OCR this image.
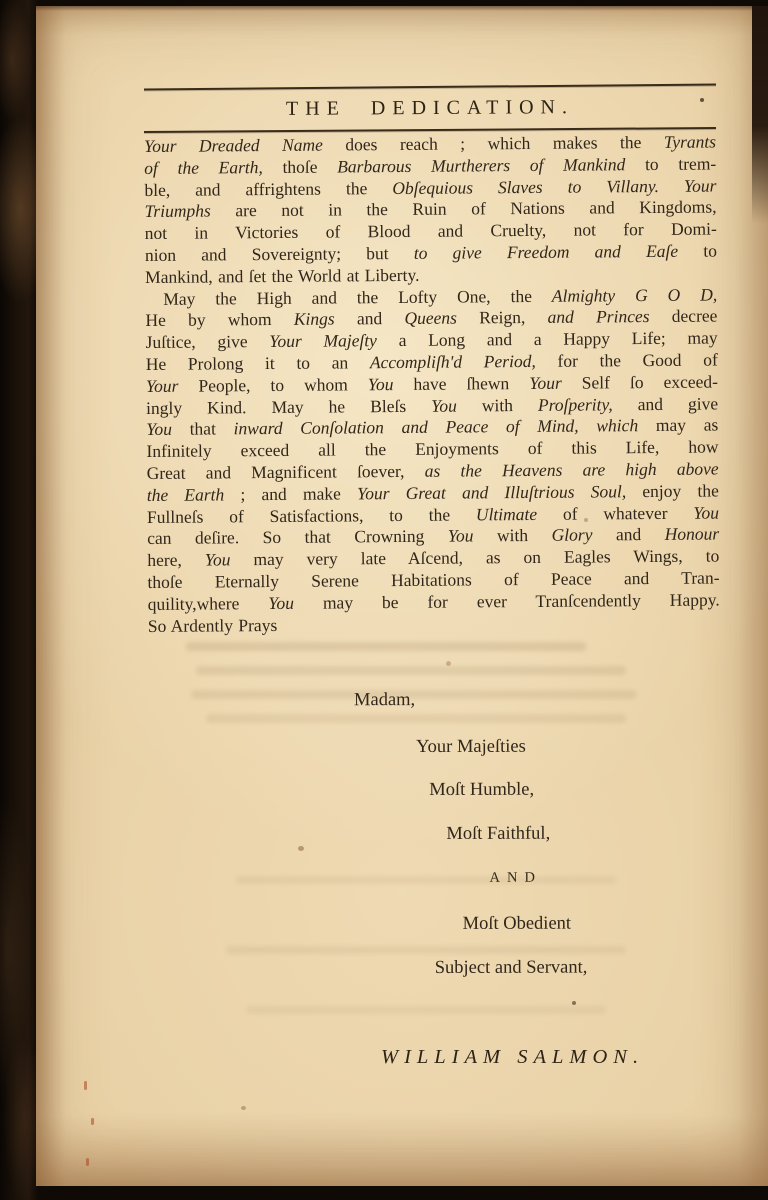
THE DEDICATION.
Your Dreaded Name does reach ; which makes the Tyrants
of the Earth, thoſe Barbarous Murtherers of Mankind to trem-
ble, and affrightens the Obſequious Slaves to Villany. Your
Triumphs are not in the Ruin of Nations and Kingdoms,
not in Victories of Blood and Cruelty, not for Domi-
nion and Sovereignty; but to give Freedom and Eaſe to
Mankind, and ſet the World at Liberty.
May the High and the Lofty One, the Almighty G O D,
He by whom Kings and Queens Reign, and Princes decree
Juſtice, give Your Majeſty a Long and a Happy Life; may
He Prolong it to an Accompliſh'd Period, for the Good of
Your People, to whom You have ſhewn Your Self ſo exceed-
ingly Kind. May he Bleſs You with Proſperity, and give
You that inward Conſolation and Peace of Mind, which may as
Infinitely exceed all the Enjoyments of this Life, how
Great and Magnificent ſoever, as the Heavens are high above
the Earth ; and make Your Great and Illuſtrious Soul, enjoy the
Fullneſs of Satisfactions, to the Ultimate of whatever You
can deſire. So that Crowning You with Glory and Honour
here, You may very late Aſcend, as on Eagles Wings, to
thoſe Eternally Serene Habitations of Peace and Tran-
quility,where You may be for ever Tranſcendently Happy.
So Ardently Prays
Madam,
Your Majeſties
Moſt Humble,
Moſt Faithful,
AND
Moſt Obedient
Subject and Servant,
WILLIAM SALMON.
